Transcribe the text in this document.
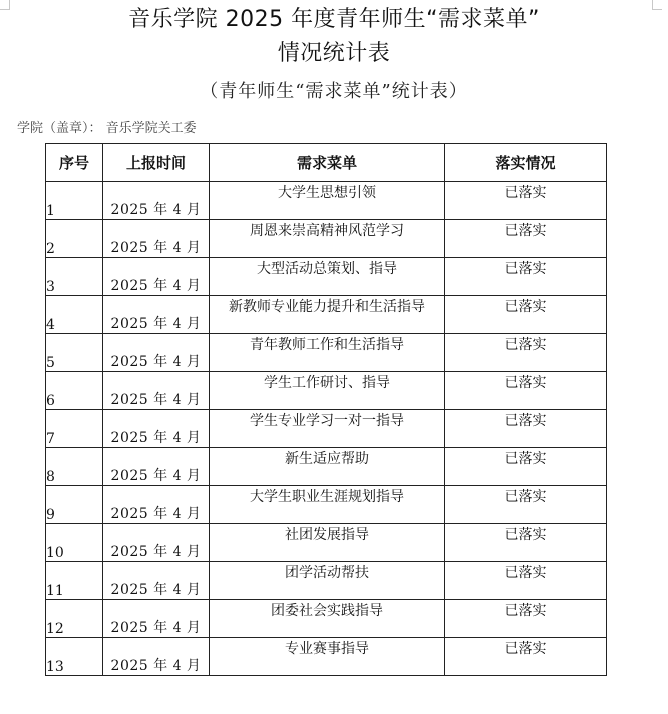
音乐学院 2025 年度青年师生“需求菜单”
情况统计表
（青年师生“需求菜单”统计表）
学院（盖章）： 音乐学院关工委
序号	上报时间	需求菜单	落实情况
1	2025 年 4 月	大学生思想引领	已落实
2	2025 年 4 月	周恩来崇高精神风范学习	已落实
3	2025 年 4 月	大型活动总策划、指导	已落实
4	2025 年 4 月	新教师专业能力提升和生活指导	已落实
5	2025 年 4 月	青年教师工作和生活指导	已落实
6	2025 年 4 月	学生工作研讨、指导	已落实
7	2025 年 4 月	学生专业学习一对一指导	已落实
8	2025 年 4 月	新生适应帮助	已落实
9	2025 年 4 月	大学生职业生涯规划指导	已落实
10	2025 年 4 月	社团发展指导	已落实
11	2025 年 4 月	团学活动帮扶	已落实
12	2025 年 4 月	团委社会实践指导	已落实
13	2025 年 4 月	专业赛事指导	已落实
